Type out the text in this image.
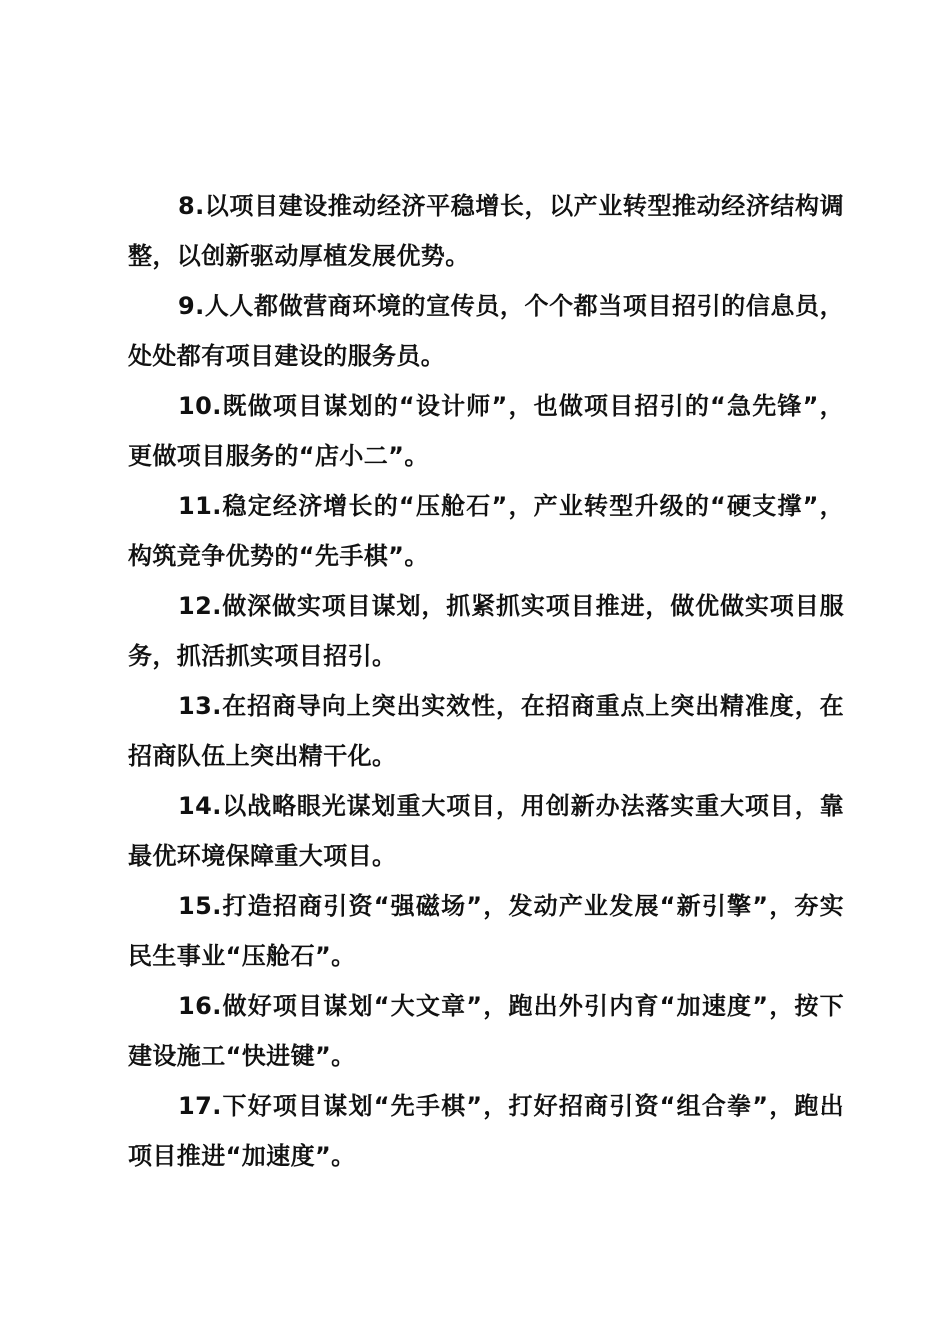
8.以项目建设推动经济平稳增长，以产业转型推动经济结构调整，以创新驱动厚植发展优势。

9.人人都做营商环境的宣传员，个个都当项目招引的信息员，处处都有项目建设的服务员。

10.既做项目谋划的“设计师”，也做项目招引的“急先锋”，更做项目服务的“店小二”。

11.稳定经济增长的“压舱石”，产业转型升级的“硬支撑”，构筑竞争优势的“先手棋”。

12.做深做实项目谋划，抓紧抓实项目推进，做优做实项目服务，抓活抓实项目招引。

13.在招商导向上突出实效性，在招商重点上突出精准度，在招商队伍上突出精干化。

14.以战略眼光谋划重大项目，用创新办法落实重大项目，靠最优环境保障重大项目。

15.打造招商引资“强磁场”，发动产业发展“新引擎”，夯实民生事业“压舱石”。

16.做好项目谋划“大文章”，跑出外引内育“加速度”，按下建设施工“快进键”。

17.下好项目谋划“先手棋”，打好招商引资“组合拳”，跑出项目推进“加速度”。
